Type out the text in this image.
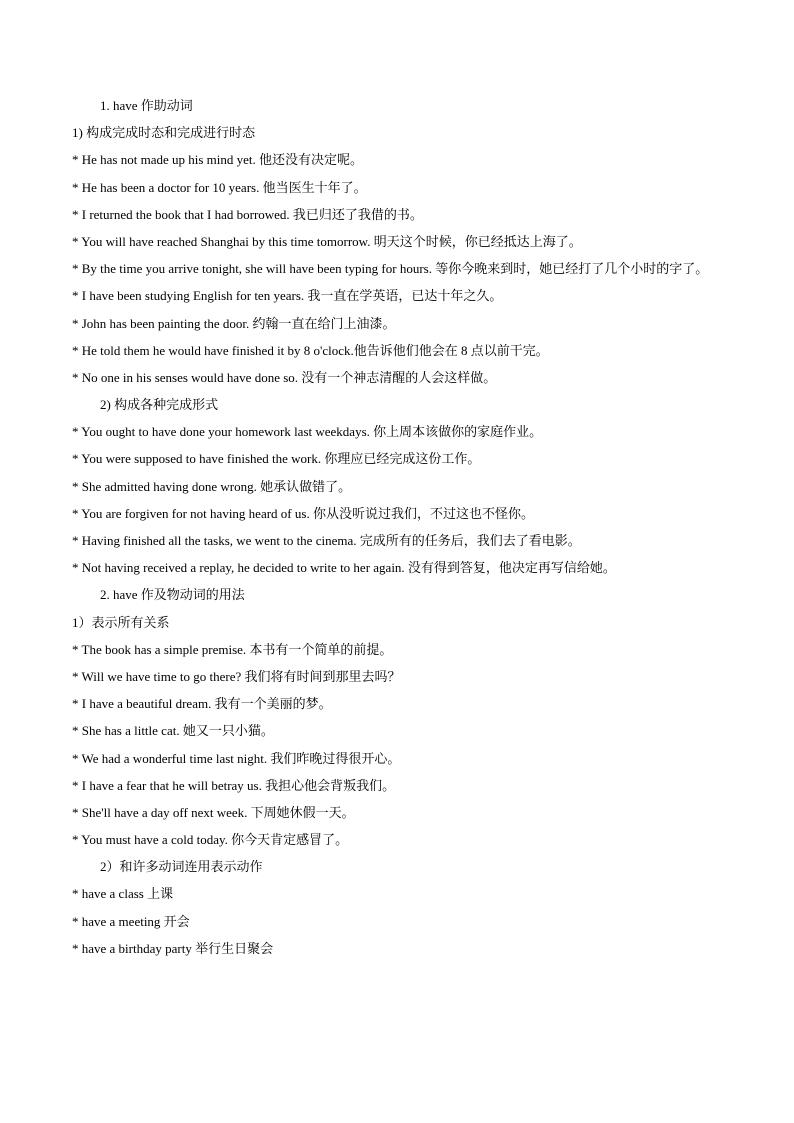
1. have 作助动词
1) 构成完成时态和完成进行时态
* He has not made up his mind yet. 他还没有决定呢。
* He has been a doctor for 10 years. 他当医生十年了。
* I returned the book that I had borrowed. 我已归还了我借的书。
* You will have reached Shanghai by this time tomorrow. 明天这个时候，你已经抵达上海了。
* By the time you arrive tonight, she will have been typing for hours. 等你今晚来到时，她已经打了几个小时的字了。
* I have been studying English for ten years. 我一直在学英语，已达十年之久。
* John has been painting the door. 约翰一直在给门上油漆。
* He told them he would have finished it by 8 o'clock.他告诉他们他会在 8 点以前干完。
* No one in his senses would have done so. 没有一个神志清醒的人会这样做。
2) 构成各种完成形式
* You ought to have done your homework last weekdays. 你上周本该做你的家庭作业。
* You were supposed to have finished the work. 你理应已经完成这份工作。
* She admitted having done wrong. 她承认做错了。
* You are forgiven for not having heard of us. 你从没听说过我们，不过这也不怪你。
* Having finished all the tasks, we went to the cinema. 完成所有的任务后，我们去了看电影。
* Not having received a replay, he decided to write to her again. 没有得到答复，他决定再写信给她。
2. have 作及物动词的用法
1）表示所有关系
* The book has a simple premise. 本书有一个简单的前提。
* Will we have time to go there? 我们将有时间到那里去吗？
* I have a beautiful dream. 我有一个美丽的梦。
* She has a little cat. 她又一只小猫。
* We had a wonderful time last night. 我们昨晚过得很开心。
* I have a fear that he will betray us. 我担心他会背叛我们。
* She'll have a day off next week. 下周她休假一天。
* You must have a cold today. 你今天肯定感冒了。
2）和许多动词连用表示动作
* have a class 上课
* have a meeting 开会
* have a birthday party 举行生日聚会
